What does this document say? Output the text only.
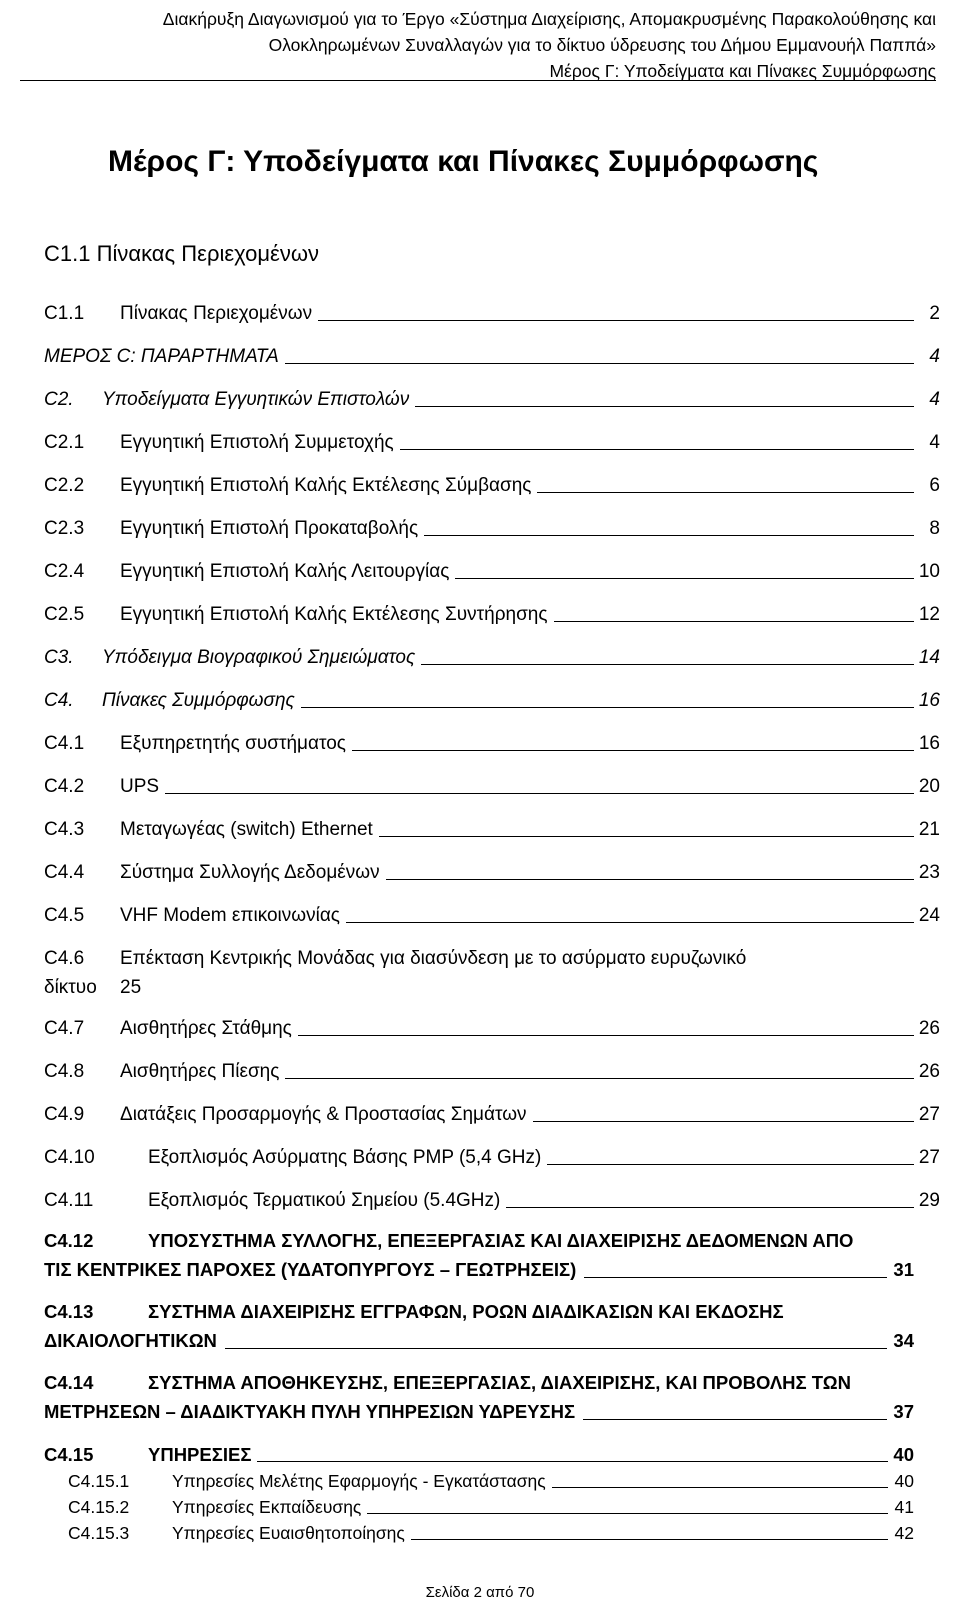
Διακήρυξη Διαγωνισμού για το Έργο «Σύστημα Διαχείρισης, Απομακρυσμένης Παρακολούθησης και
Ολοκληρωμένων Συναλλαγών για το δίκτυο ύδρευσης του Δήμου Εμμανουήλ Παππά»
Μέρος Γ: Υποδείγματα και Πίνακες Συμμόρφωσης
Μέρος Γ: Υποδείγματα και Πίνακες Συμμόρφωσης
C1.1 Πίνακας Περιεχομένων
C1.1	Πίνακας Περιεχομένων	2
ΜΕΡΟΣ C: ΠΑΡΑΡΤΗΜΑΤΑ	4
C2.	Υποδείγματα Εγγυητικών Επιστολών	4
C2.1	Εγγυητική Επιστολή Συμμετοχής	4
C2.2	Εγγυητική Επιστολή Καλής Εκτέλεσης Σύμβασης	6
C2.3	Εγγυητική Επιστολή Προκαταβολής	8
C2.4	Εγγυητική Επιστολή Καλής Λειτουργίας	10
C2.5	Εγγυητική Επιστολή Καλής Εκτέλεσης Συντήρησης	12
C3.	Υπόδειγμα Βιογραφικού Σημειώματος	14
C4.	Πίνακες Συμμόρφωσης	16
C4.1	Εξυπηρετητής συστήματος	16
C4.2	UPS	20
C4.3	Μεταγωγέας (switch) Ethernet	21
C4.4	Σύστημα Συλλογής Δεδομένων	23
C4.5	VHF Modem επικοινωνίας	24
C4.6	Επέκταση Κεντρικής Μονάδας για διασύνδεση με το ασύρματο ευρυζωνικό
δίκτυο	25
C4.7	Αισθητήρες Στάθμης	26
C4.8	Αισθητήρες Πίεσης	26
C4.9	Διατάξεις Προσαρμογής & Προστασίας Σημάτων	27
C4.10	Εξοπλισμός Ασύρματης Βάσης PMP (5,4 GHz)	27
C4.11	Εξοπλισμός Τερματικού Σημείου (5.4GHz)	29
C4.12	ΥΠΟΣΥΣΤΗΜΑ ΣΥΛΛΟΓΗΣ, ΕΠΕΞΕΡΓΑΣΙΑΣ ΚΑΙ ΔΙΑΧΕΙΡΙΣΗΣ ΔΕΔΟΜΕΝΩΝ ΑΠΟ
ΤΙΣ ΚΕΝΤΡΙΚΕΣ ΠΑΡΟΧΕΣ (ΥΔΑΤΟΠΥΡΓΟΥΣ – ΓΕΩΤΡΗΣΕΙΣ)	31
C4.13	ΣΥΣΤΗΜΑ ΔΙΑΧΕΙΡΙΣΗΣ ΕΓΓΡΑΦΩΝ, ΡΟΩΝ ΔΙΑΔΙΚΑΣΙΩΝ ΚΑΙ ΕΚΔΟΣΗΣ
ΔΙΚΑΙΟΛΟΓΗΤΙΚΩΝ	34
C4.14	ΣΥΣΤΗΜΑ ΑΠΟΘΗΚΕΥΣΗΣ, ΕΠΕΞΕΡΓΑΣΙΑΣ, ΔΙΑΧΕΙΡΙΣΗΣ, ΚΑΙ ΠΡΟΒΟΛΗΣ ΤΩΝ
ΜΕΤΡΗΣΕΩΝ – ΔΙΑΔΙΚΤΥΑΚΗ ΠΥΛΗ ΥΠΗΡΕΣΙΩΝ ΥΔΡΕΥΣΗΣ	37
C4.15	ΥΠΗΡΕΣΙΕΣ	40
C4.15.1	Υπηρεσίες Μελέτης Εφαρμογής - Εγκατάστασης	40
C4.15.2	Υπηρεσίες Εκπαίδευσης	41
C4.15.3	Υπηρεσίες Ευαισθητοποίησης	42
Σελίδα 2 από 70
